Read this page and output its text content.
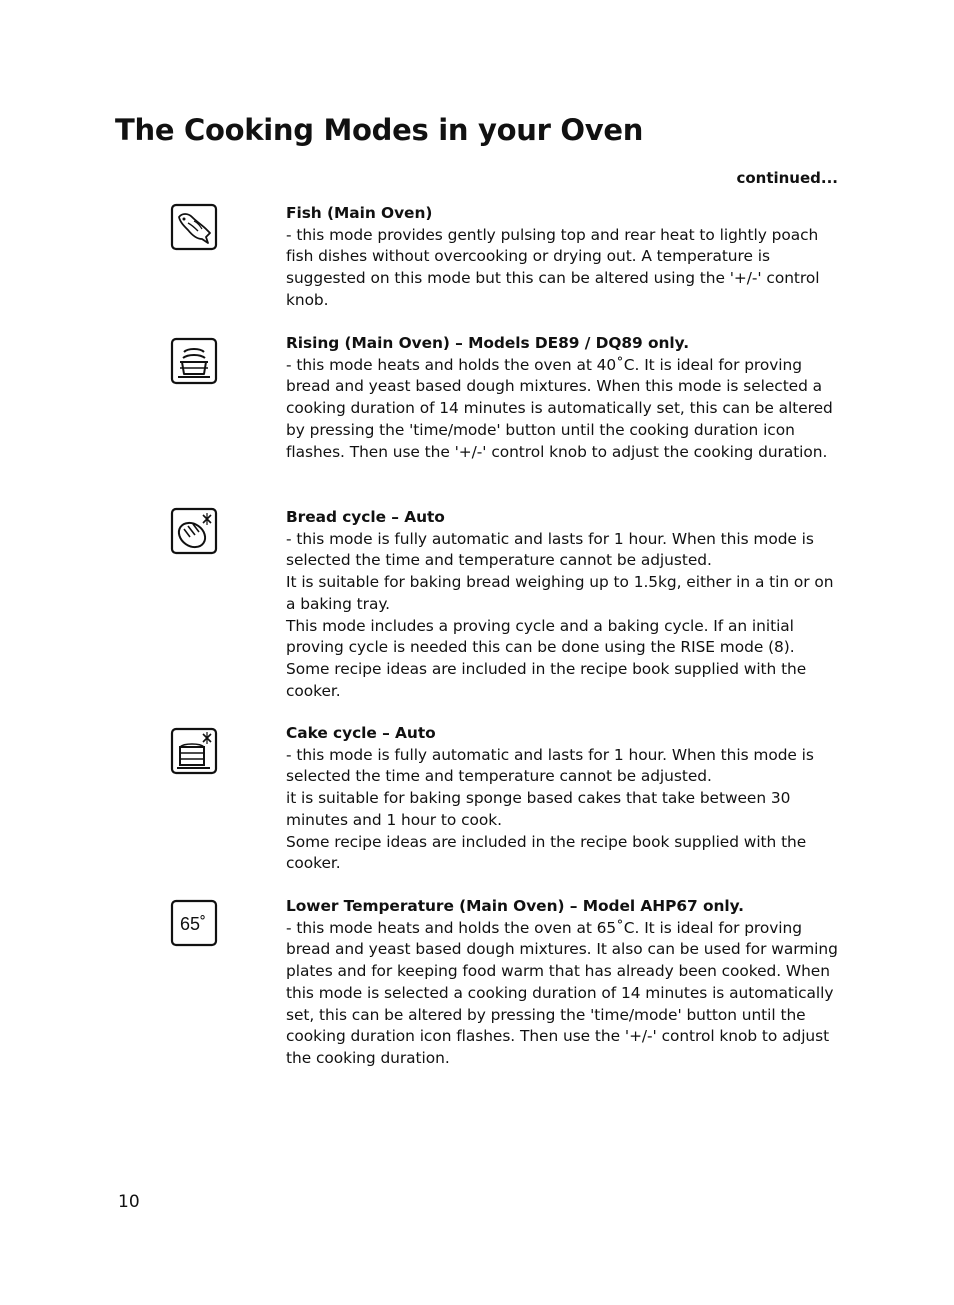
The Cooking Modes in your Oven
continued...
Fish (Main Oven)

- this mode provides gently pulsing top and rear heat to lightly poach fish dishes without overcooking or drying out. A temperature is suggested on this mode but this can be altered using the '+/-' control knob.

Rising (Main Oven) – Models DE89 / DQ89 only.

- this mode heats and holds the oven at 40˚C. It is ideal for proving bread and yeast based dough mixtures. When this mode is selected a cooking duration of 14 minutes is automatically set, this can be altered by pressing the 'time/mode' button until the cooking duration icon flashes. Then use the '+/-' control knob to adjust the cooking duration.

Bread cycle – Auto

- this mode is fully automatic and lasts for 1 hour. When this mode is selected the time and temperature cannot be adjusted.

It is suitable for baking bread weighing up to 1.5kg, either in a tin or on a baking tray.

This mode includes a proving cycle and a baking cycle. If an initial proving cycle is needed this can be done using the RISE mode (8).

Some recipe ideas are included in the recipe book supplied with the cooker.

Cake cycle – Auto

- this mode is fully automatic and lasts for 1 hour. When this mode is selected the time and temperature cannot be adjusted.

it is suitable for baking sponge based cakes that take between 30 minutes and 1 hour to cook.

Some recipe ideas are included in the recipe book supplied with the cooker.

65˚
Lower Temperature (Main Oven) – Model AHP67 only.

- this mode heats and holds the oven at 65˚C. It is ideal for proving bread and yeast based dough mixtures. It also can be used for warming plates and for keeping food warm that has already been cooked. When this mode is selected a cooking duration of 14 minutes is automatically set, this can be altered by pressing the 'time/mode' button until the cooking duration icon flashes. Then use the '+/-' control knob to adjust the cooking duration.

10
